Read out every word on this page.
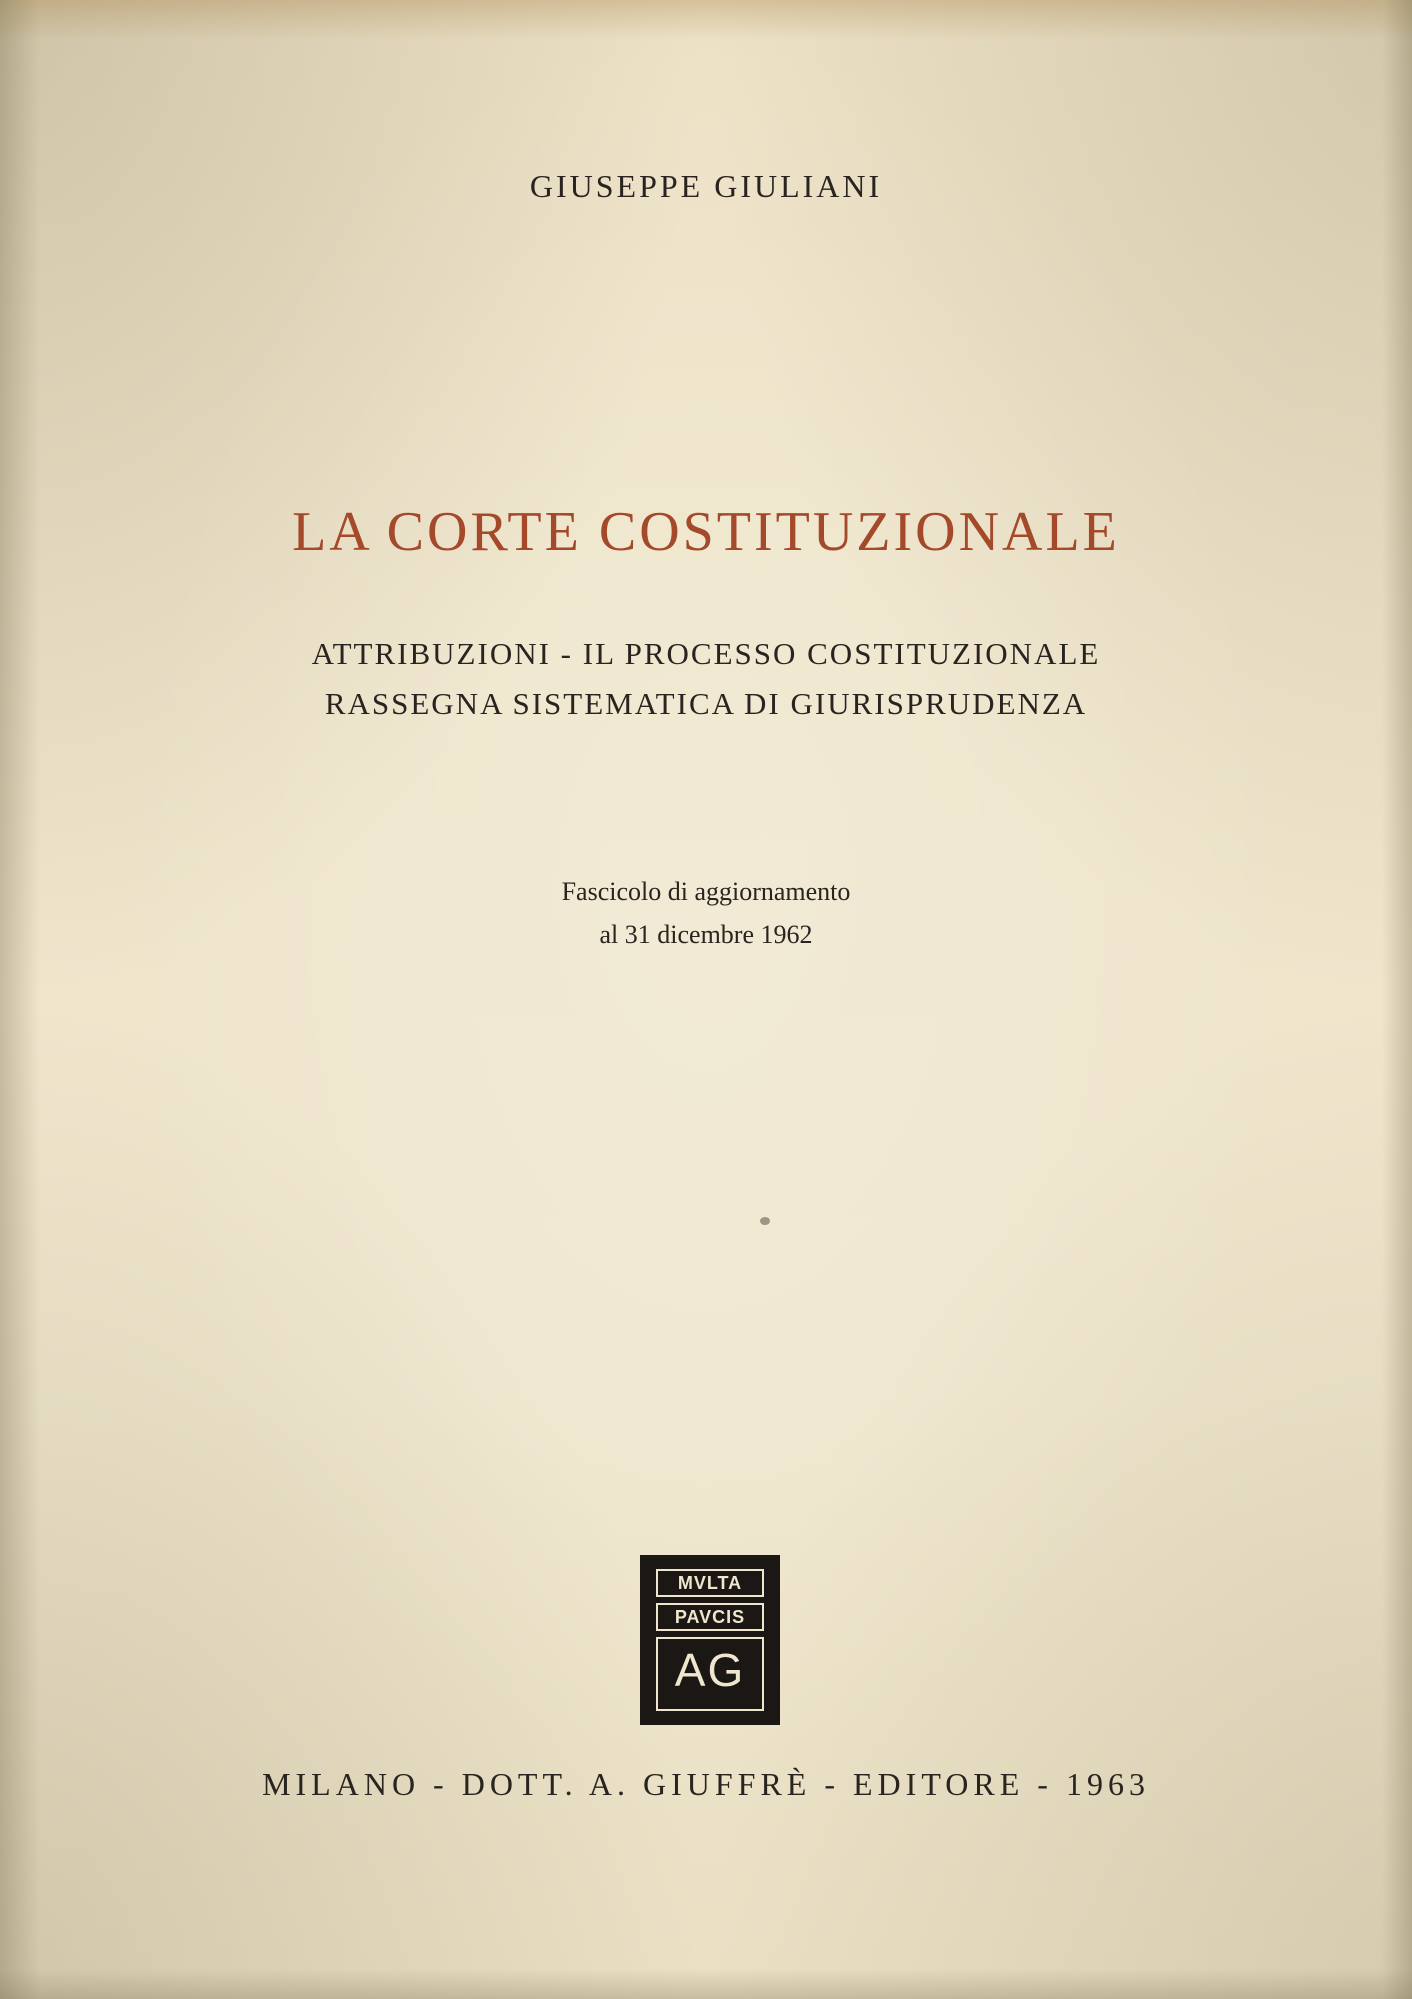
GIUSEPPE GIULIANI
LA CORTE COSTITUZIONALE
ATTRIBUZIONI - IL PROCESSO COSTITUZIONALE
RASSEGNA SISTEMATICA DI GIURISPRUDENZA
Fascicolo di aggiornamento
al 31 dicembre 1962
MVLTA
PAVCIS
AG
MILANO - DOTT. A. GIUFFRÈ - EDITORE - 1963
